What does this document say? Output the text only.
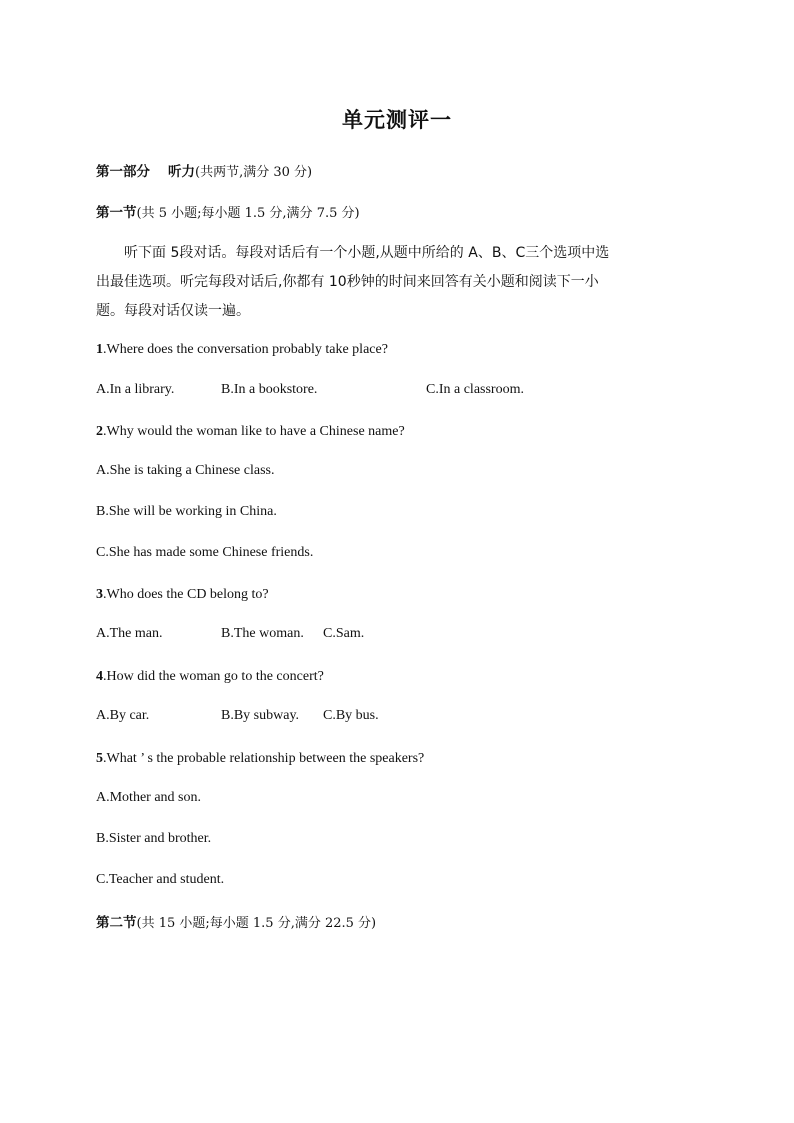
单元测评一
第一部分 听力(共两节,满分 30 分)
第一节(共 5 小题;每小题 1.5 分,满分 7.5 分)
听下面 5段对话。每段对话后有一个小题,从题中所给的 A、B、C三个选项中选
出最佳选项。听完每段对话后,你都有 10秒钟的时间来回答有关小题和阅读下一小
题。每段对话仅读一遍。
1.Where does the conversation probably take place?
A.In a library.	B.In a bookstore.	C.In a classroom.
2.Why would the woman like to have a Chinese name?
A.She is taking a Chinese class.
B.She will be working in China.
C.She has made some Chinese friends.
3.Who does the CD belong to?
A.The man.	B.The woman. C.Sam.
4.How did the woman go to the concert?
A.By car.	B.By subway. C.By bus.
5.What ’ s the probable relationship between the speakers?
A.Mother and son.
B.Sister and brother.
C.Teacher and student.
第二节(共 15 小题;每小题 1.5 分,满分 22.5 分)
